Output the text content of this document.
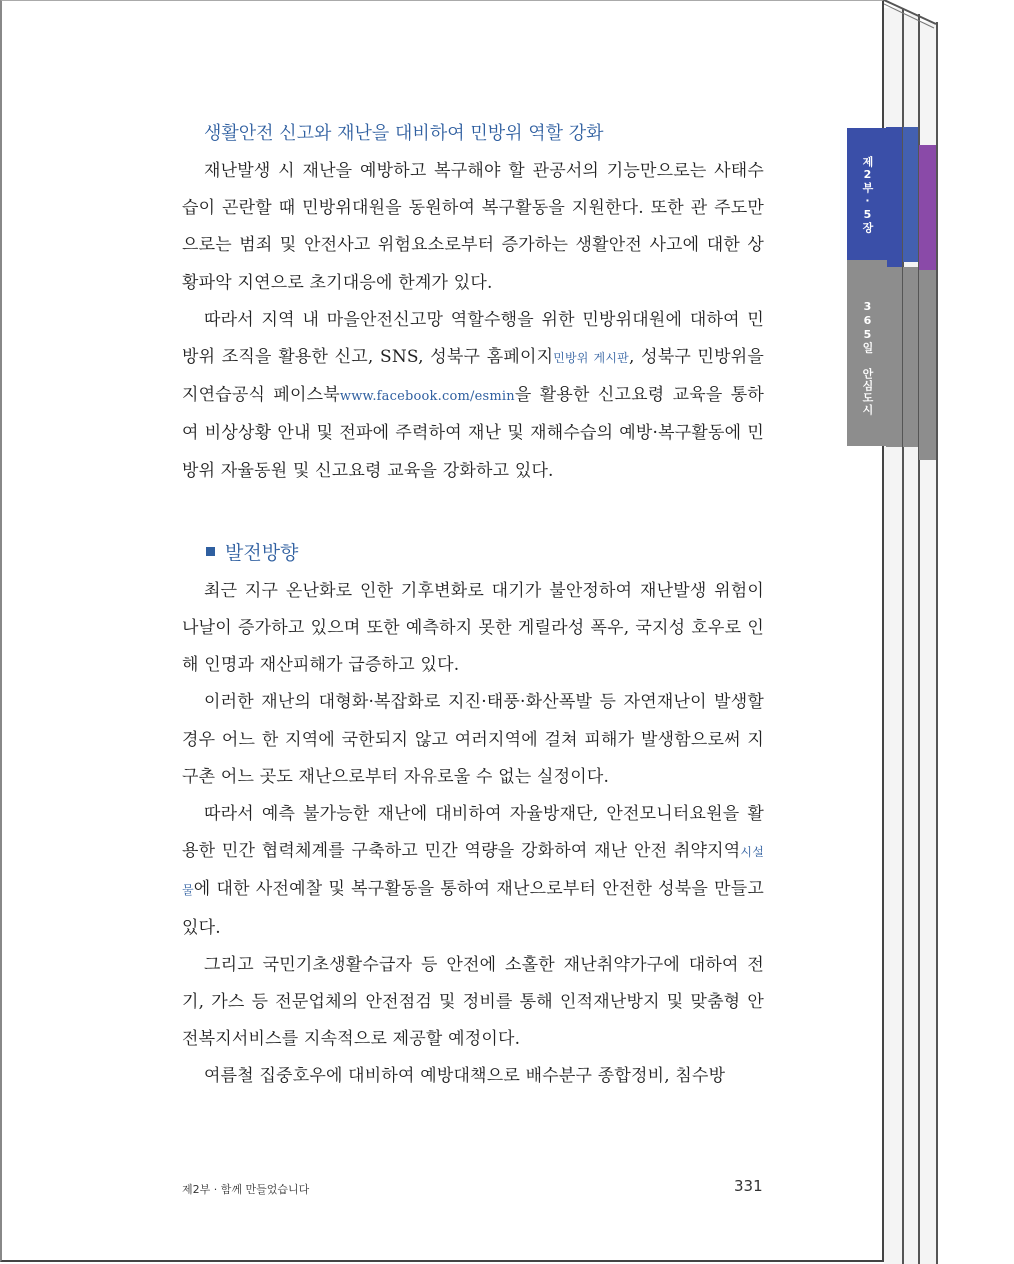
제2부·5장
365일 안심도시
생활안전 신고와 재난을 대비하여 민방위 역할 강화

재난발생 시 재난을 예방하고 복구해야 할 관공서의 기능만으로는 사태수습이 곤란할 때 민방위대원을 동원하여 복구활동을 지원한다. 또한 관 주도만으로는 범죄 및 안전사고 위험요소로부터 증가하는 생활안전 사고에 대한 상황파악 지연으로 초기대응에 한계가 있다.

따라서 지역 내 마을안전신고망 역할수행을 위한 민방위대원에 대하여 민방위 조직을 활용한 신고, SNS, 성북구 홈페이지민방위 게시판, 성북구 민방위을지연습공식 페이스북www.facebook.com/esmin을 활용한 신고요령 교육을 통하여 비상상황 안내 및 전파에 주력하여 재난 및 재해수습의 예방·복구활동에 민방위 자율동원 및 신고요령 교육을 강화하고 있다.

발전방향

최근 지구 온난화로 인한 기후변화로 대기가 불안정하여 재난발생 위험이 나날이 증가하고 있으며 또한 예측하지 못한 게릴라성 폭우, 국지성 호우로 인해 인명과 재산피해가 급증하고 있다.

이러한 재난의 대형화·복잡화로 지진·태풍·화산폭발 등 자연재난이 발생할 경우 어느 한 지역에 국한되지 않고 여러지역에 걸쳐 피해가 발생함으로써 지구촌 어느 곳도 재난으로부터 자유로울 수 없는 실정이다.

따라서 예측 불가능한 재난에 대비하여 자율방재단, 안전모니터요원을 활용한 민간 협력체계를 구축하고 민간 역량을 강화하여 재난 안전 취약지역시설물에 대한 사전예찰 및 복구활동을 통하여 재난으로부터 안전한 성북을 만들고 있다.

그리고 국민기초생활수급자 등 안전에 소홀한 재난취약가구에 대하여 전기, 가스 등 전문업체의 안전점검 및 정비를 통해 인적재난방지 및 맞춤형 안전복지서비스를 지속적으로 제공할 예정이다.

여름철 집중호우에 대비하여 예방대책으로 배수분구 종합정비, 침수방

제2부 · 함께 만들었습니다	331
